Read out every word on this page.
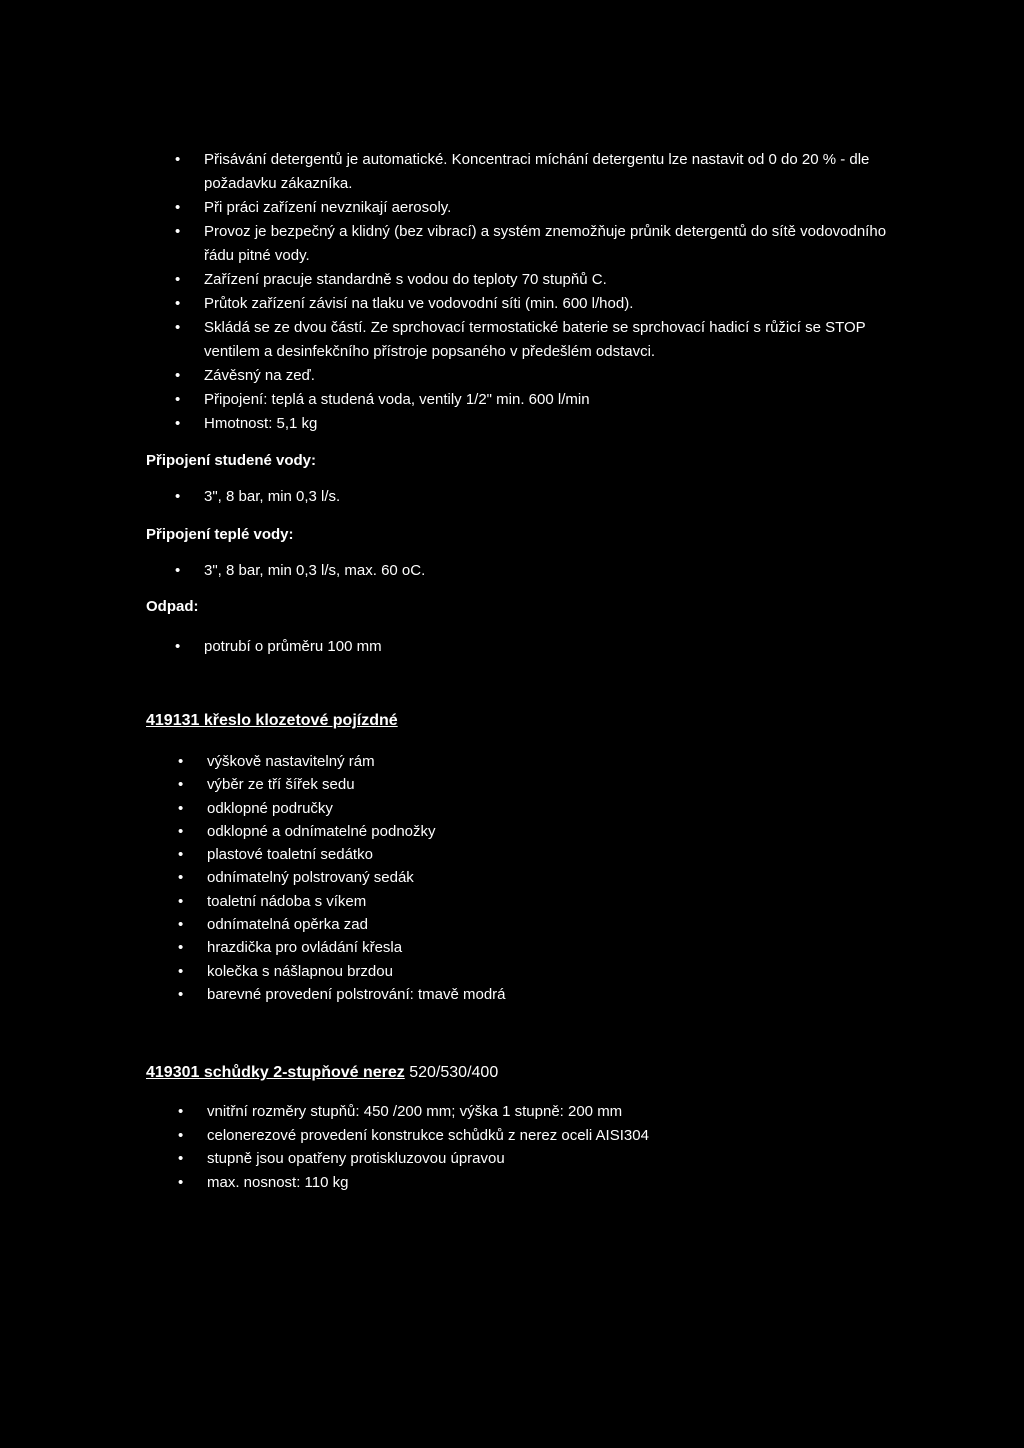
• Přisávání detergentů je automatické. Koncentraci míchání detergentu lze nastavit od 0 do 20 % - dle požadavku zákazníka.
• Při práci zařízení nevznikají aerosoly.
• Provoz je bezpečný a klidný (bez vibrací) a systém znemožňuje průnik detergentů do sítě vodovodního řádu pitné vody.
• Zařízení pracuje standardně s vodou do teploty 70 stupňů C.
• Průtok zařízení závisí na tlaku ve vodovodní síti (min. 600 l/hod).
• Skládá se ze dvou částí. Ze sprchovací termostatické baterie se sprchovací hadicí s růžicí se STOP ventilem a desinfekčního přístroje popsaného v předešlém odstavci.
• Závěsný na zeď.
• Připojení: teplá a studená voda, ventily 1/2" min. 600 l/min
• Hmotnost: 5,1 kg
Připojení studené vody:
• 3", 8 bar, min 0,3 l/s.
Připojení teplé vody:
• 3", 8 bar, min 0,3 l/s, max. 60 oC.
Odpad:
• potrubí o průměru 100 mm
419131 křeslo klozetové pojízdné
• výškově nastavitelný rám
• výběr ze tří šířek sedu
• odklopné područky
• odklopné a odnímatelné podnožky
• plastové toaletní sedátko
• odnímatelný polstrovaný sedák
• toaletní nádoba s víkem
• odnímatelná opěrka zad
• hrazdička pro ovládání křesla
• kolečka s nášlapnou brzdou
• barevné provedení polstrování: tmavě modrá
419301 schůdky 2-stupňové nerez 520/530/400
• vnitřní rozměry stupňů: 450 /200 mm; výška 1 stupně: 200 mm
• celonerezové provedení konstrukce schůdků z nerez oceli AISI304
• stupně jsou opatřeny protiskluzovou úpravou
• max. nosnost: 110 kg
